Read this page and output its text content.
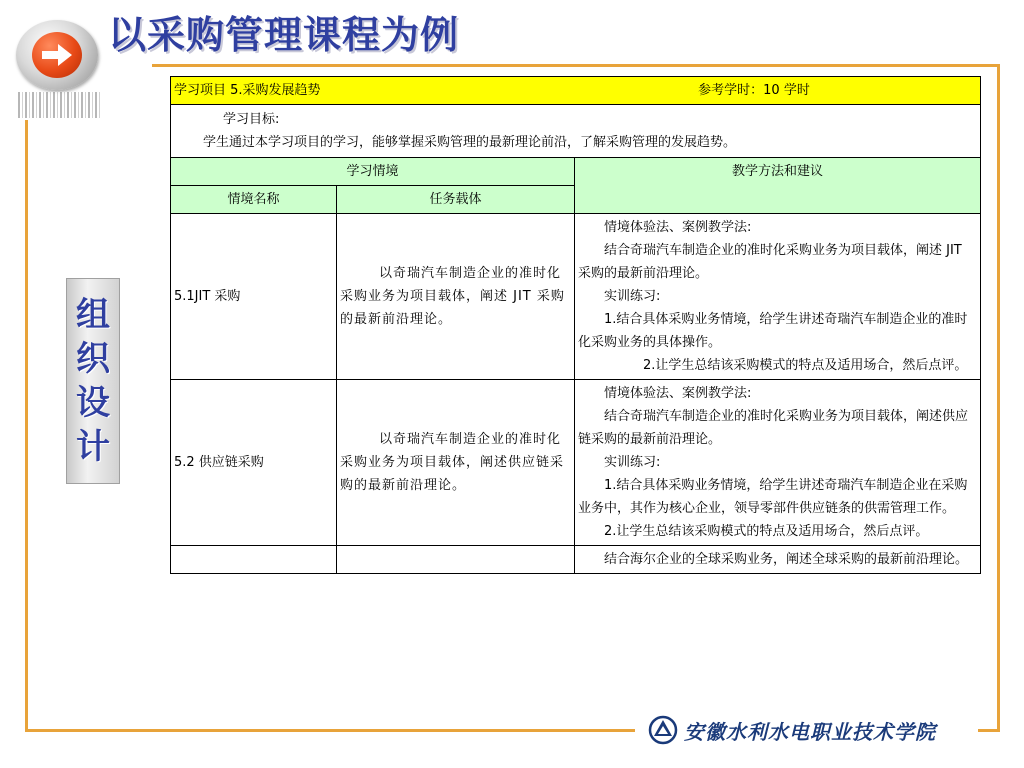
以采购管理课程为例
组
织
设
计
学习项目 5.采购发展趋势 参考学时：10 学时		

学习目标:

学生通过本学习项目的学习，能够掌握采购管理的最新理论前沿，了解采购管理的发展趋势。		

学习情境		教学方法和建议
情境名称	任务载体	
5.1JIT 采购	以奇瑞汽车制造企业的准时化采购业务为项目载体，阐述 JIT 采购的最新前沿理论。	情境体验法、案例教学法:

结合奇瑞汽车制造企业的准时化采购业务为项目载体，阐述 JIT 采购的最新前沿理论。

实训练习:

1.结合具体采购业务情境，给学生讲述奇瑞汽车制造企业的准时化采购业务的具体操作。

2.让学生总结该采购模式的特点及适用场合，然后点评。

5.2 供应链采购	以奇瑞汽车制造企业的准时化采购业务为项目载体，阐述供应链采购的最新前沿理论。	情境体验法、案例教学法:

结合奇瑞汽车制造企业的准时化采购业务为项目载体，阐述供应链采购的最新前沿理论。

实训练习:

1.结合具体采购业务情境，给学生讲述奇瑞汽车制造企业在采购业务中，其作为核心企业，领导零部件供应链条的供需管理工作。

2.让学生总结该采购模式的特点及适用场合，然后点评。

		结合海尔企业的全球采购业务，阐述全球采购的最新前沿理论。

安徽水利水电职业技术学院
